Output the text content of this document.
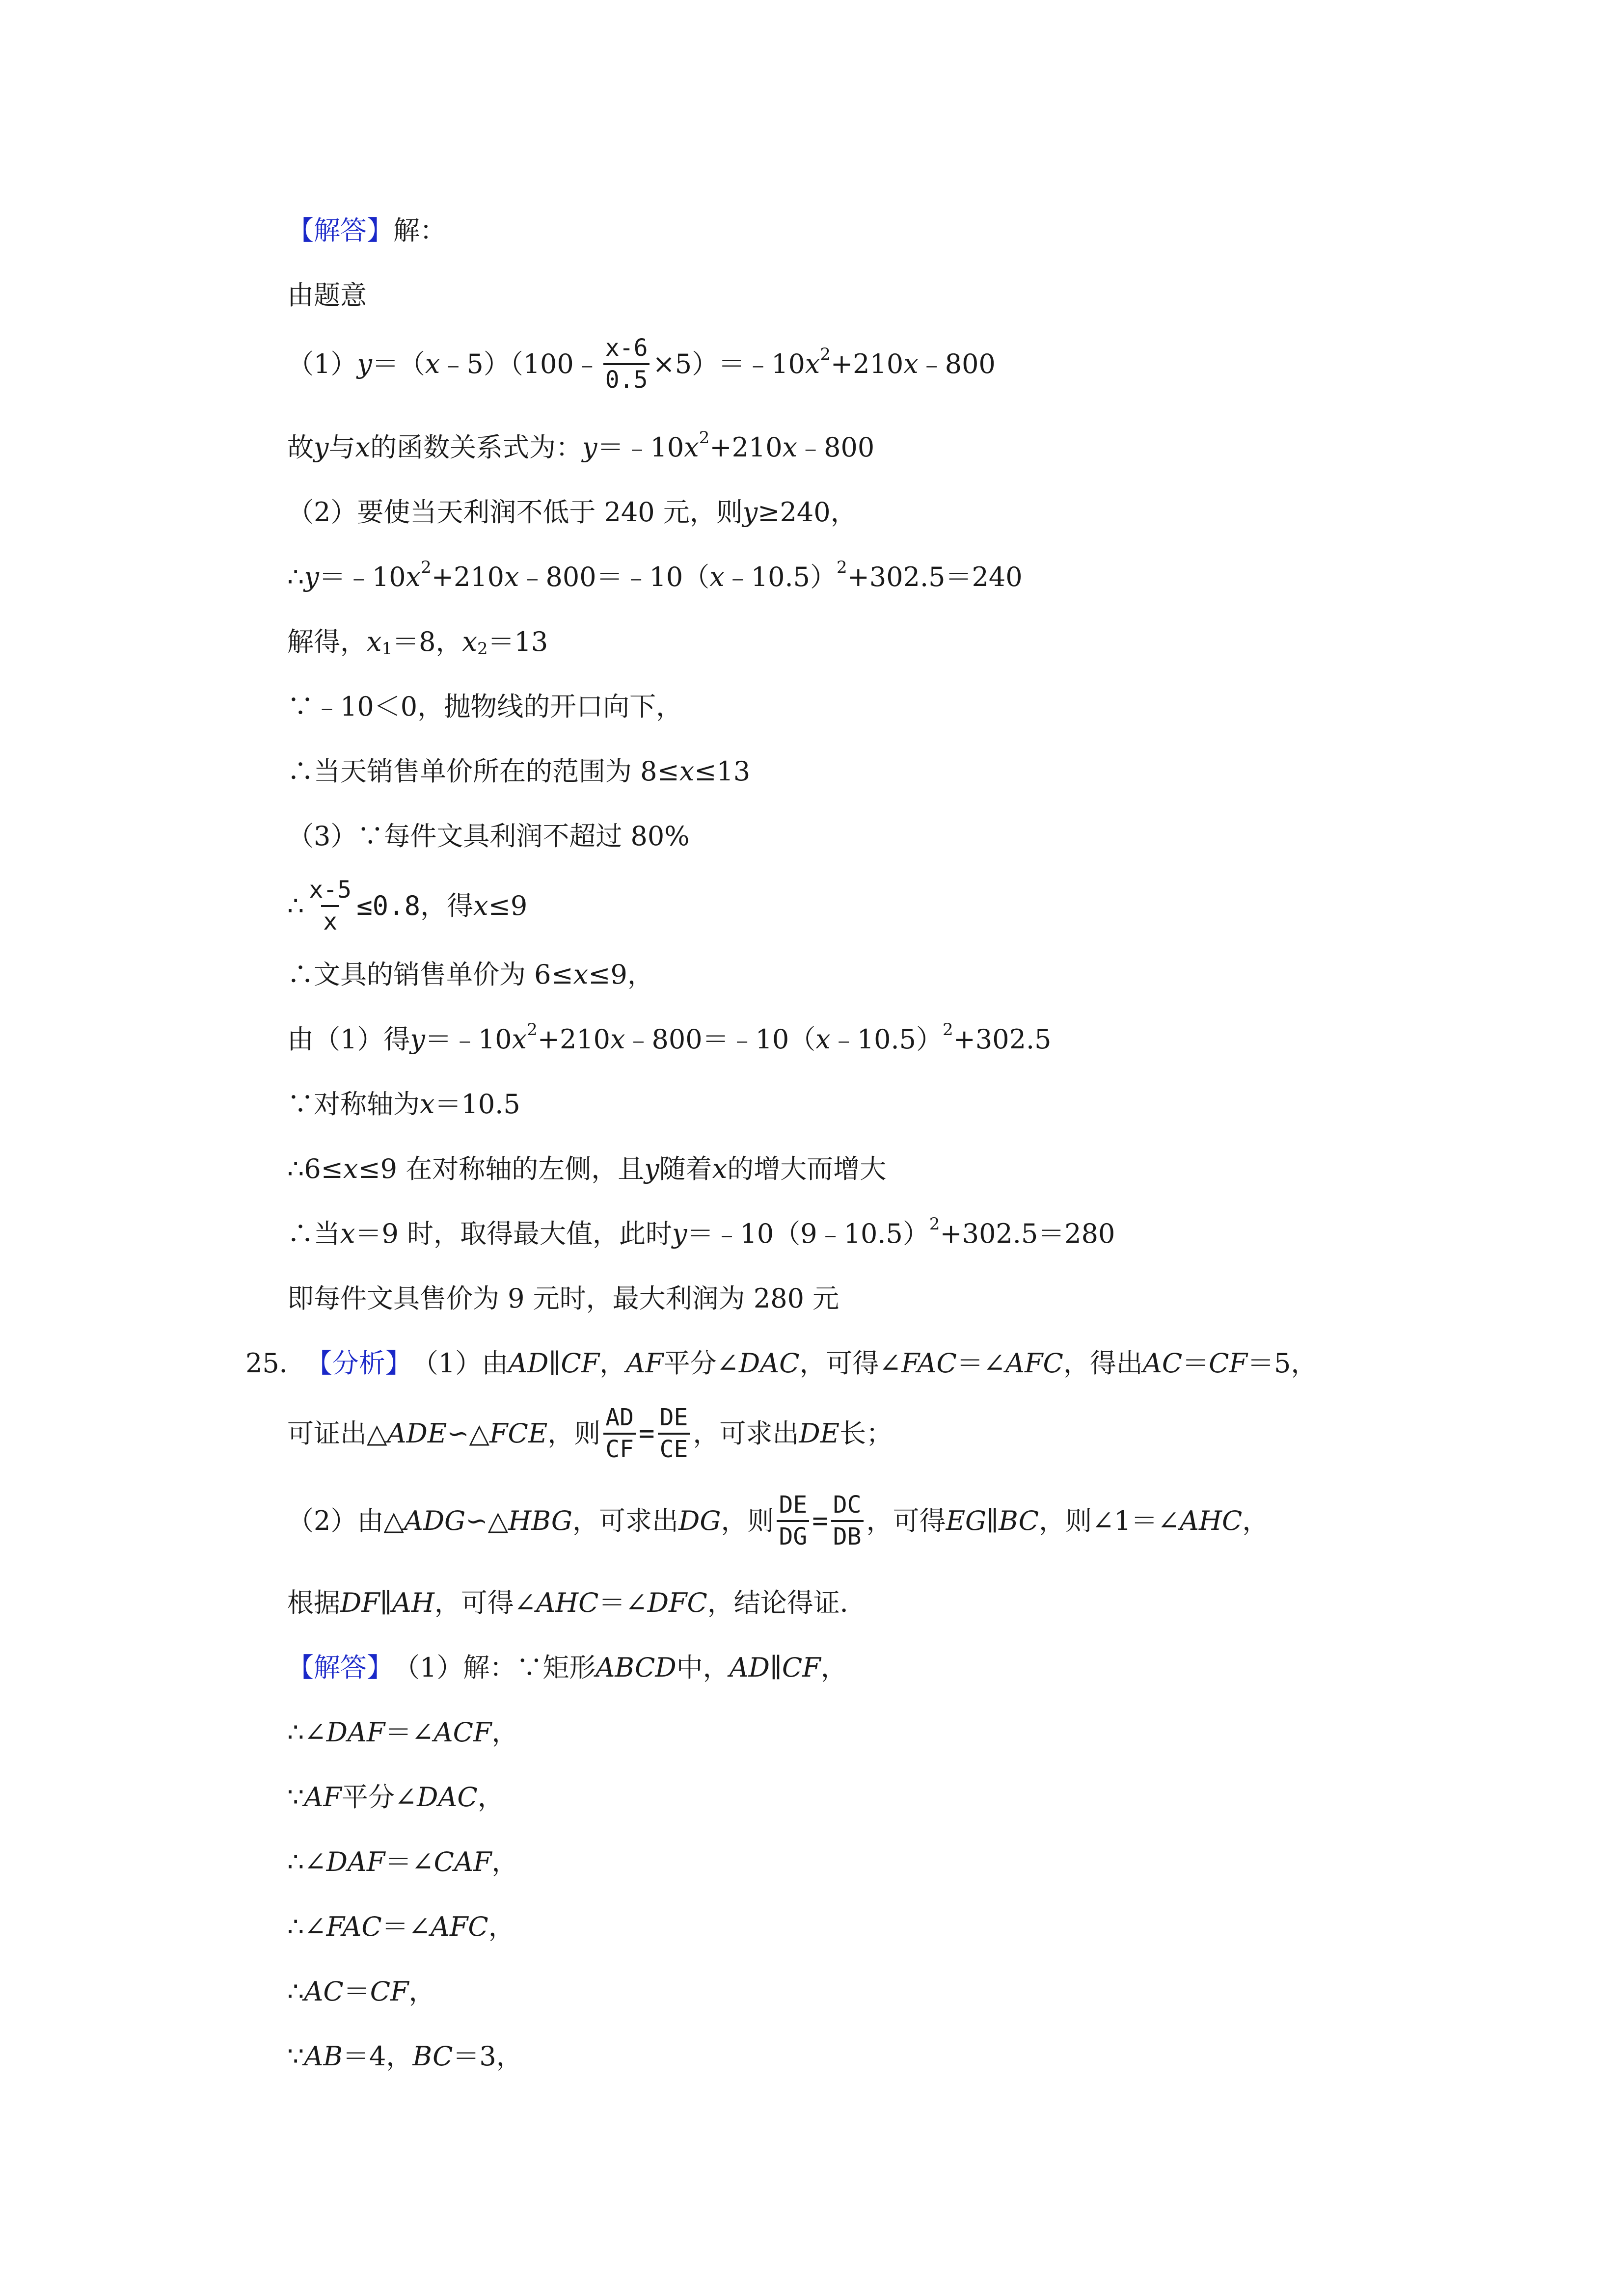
【解答】 解：
由题意
（1） y ＝（ x ﹣5）（100﹣ $\frac{x-6}{0.5}$ ×5）＝﹣10 x 2 +210 x ﹣800
故 y 与 x 的函数关系式为： y ＝﹣10 x 2 +210 x ﹣800
（2）要使当天利润不低于 240 元，则 y ≥240，
∴ y ＝﹣10 x 2 +210 x ﹣800＝﹣10（ x ﹣10.5） 2 +302.5＝240
解得， x 1 ＝8， x 2 ＝13
∵﹣10＜0，抛物线的开口向下，
∴当天销售单价所在的范围为 8≤ x ≤13
（3）∵每件文具利润不超过 80%
∴ $\frac{x-5}{x} \le 0.8$ ，得 x ≤9
∴文具的销售单价为 6≤ x ≤9，
由（1）得 y ＝﹣10 x 2 +210 x ﹣800＝﹣10（ x ﹣10.5） 2 +302.5
∵对称轴为 x ＝10.5
∴6≤ x ≤9 在对称轴的左侧，且 y 随着 x 的增大而增大
∴当 x ＝9 时，取得最大值，此时 y ＝﹣10（9﹣10.5） 2 +302.5＝280
即每件文具售价为 9 元时，最大利润为 280 元
25． 【分析】 （1）由 AD ∥ CF ， AF 平分∠ DAC ，可得∠ FAC ＝∠ AFC ，得出 AC ＝ CF ＝5，
可证出△ ADE ∽△ FCE ，则 $\frac{AD}{CF} = \frac{DE}{CE}$ ，可求出 DE 长；
（2）由△ ADG ∽△ HBG ，可求出 DG ，则 $\frac{DE}{DG} = \frac{DC}{DB}$ ，可得 EG ∥ BC ，则∠1＝∠ AHC ，
根据 DF ∥ AH ，可得∠ AHC ＝∠ DFC ，结论得证．
【解答】 （1）解：∵矩形 ABCD 中， AD ∥ CF ，
∴∠ DAF ＝∠ ACF ，
∵ AF 平分∠ DAC ，
∴∠ DAF ＝∠ CAF ，
∴∠ FAC ＝∠ AFC ，
∴ AC ＝ CF ，
∵ AB ＝4， BC ＝3，
